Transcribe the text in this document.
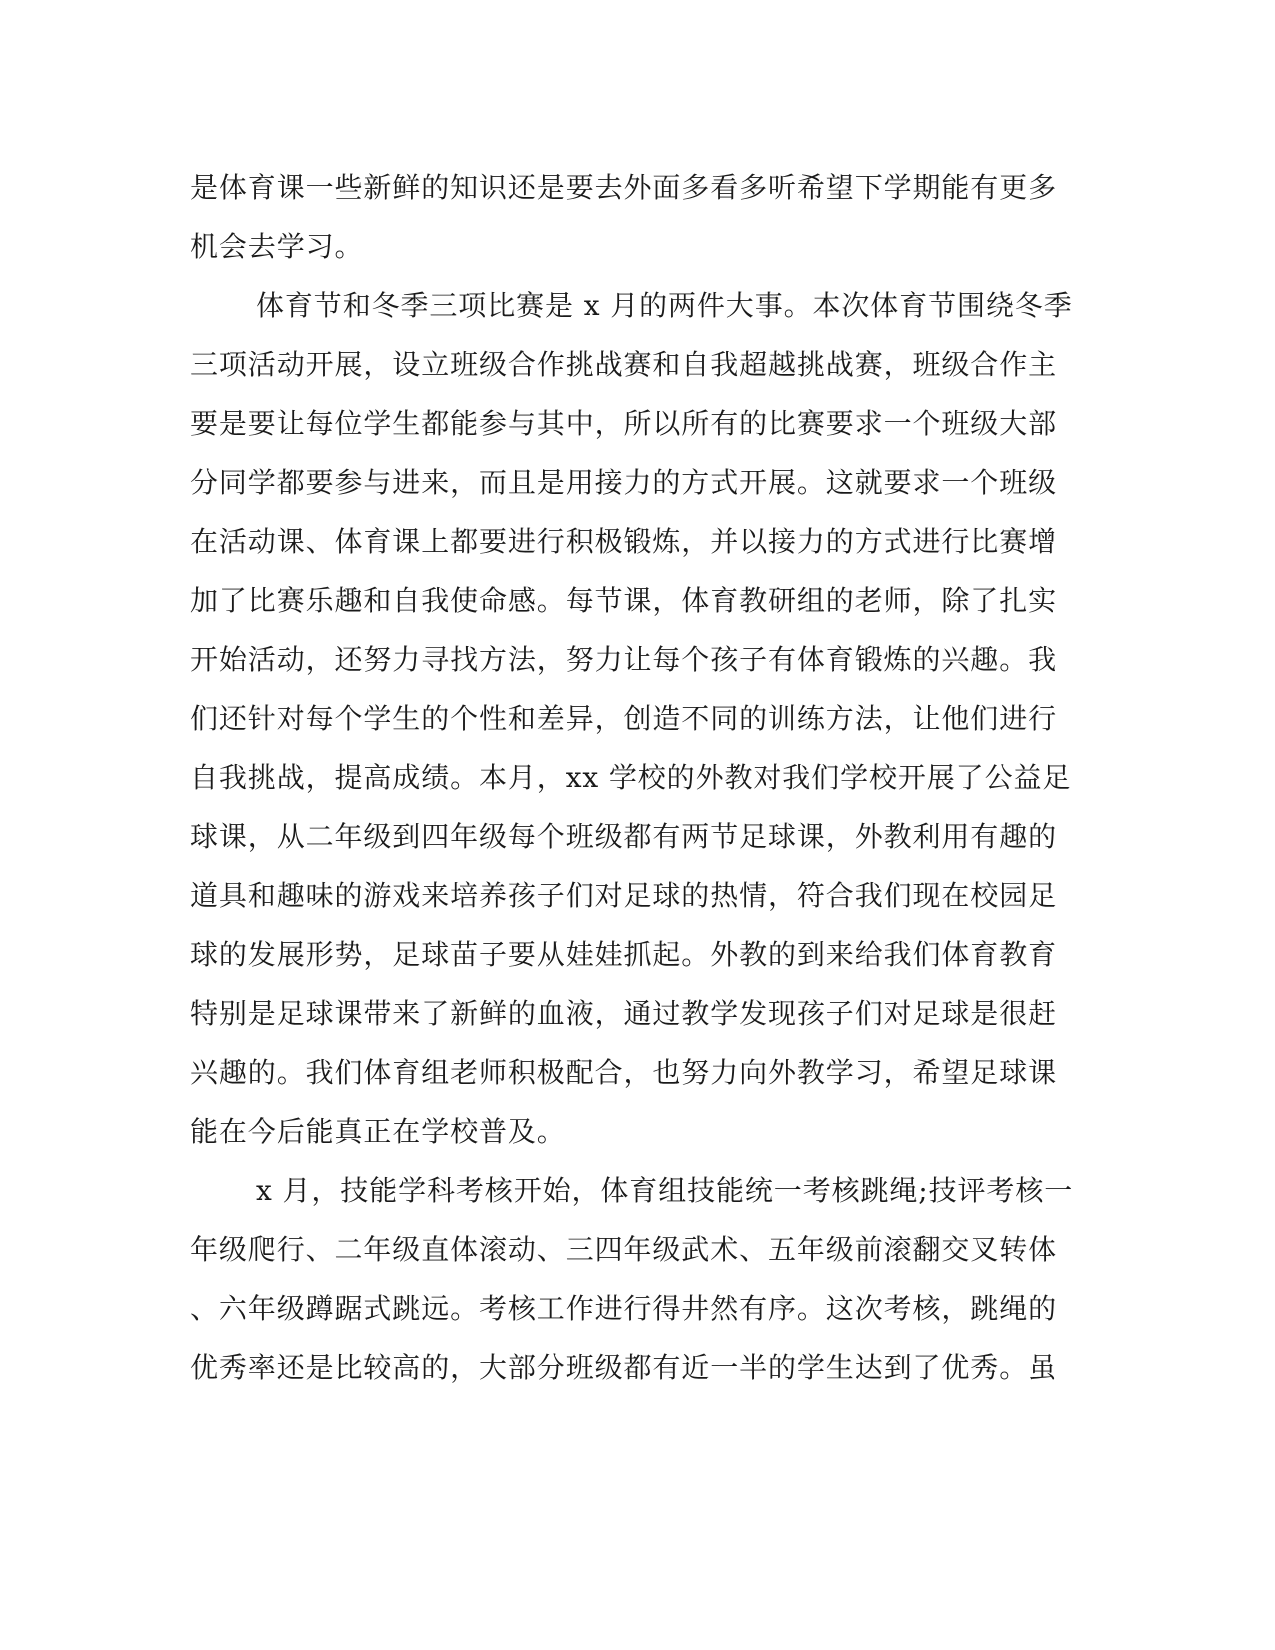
是体育课一些新鲜的知识还是要去外面多看多听希望下学期能有更多
机会去学习。
体育节和冬季三项比赛是 x 月的两件大事。本次体育节围绕冬季
三项活动开展，设立班级合作挑战赛和自我超越挑战赛，班级合作主
要是要让每位学生都能参与其中，所以所有的比赛要求一个班级大部
分同学都要参与进来，而且是用接力的方式开展。这就要求一个班级
在活动课、体育课上都要进行积极锻炼，并以接力的方式进行比赛增
加了比赛乐趣和自我使命感。每节课，体育教研组的老师，除了扎实
开始活动，还努力寻找方法，努力让每个孩子有体育锻炼的兴趣。我
们还针对每个学生的个性和差异，创造不同的训练方法，让他们进行
自我挑战，提高成绩。本月，xx 学校的外教对我们学校开展了公益足
球课，从二年级到四年级每个班级都有两节足球课，外教利用有趣的
道具和趣味的游戏来培养孩子们对足球的热情，符合我们现在校园足
球的发展形势，足球苗子要从娃娃抓起。外教的到来给我们体育教育
特别是足球课带来了新鲜的血液，通过教学发现孩子们对足球是很赶
兴趣的。我们体育组老师积极配合，也努力向外教学习，希望足球课
能在今后能真正在学校普及。
x 月，技能学科考核开始，体育组技能统一考核跳绳;技评考核一
年级爬行、二年级直体滚动、三四年级武术、五年级前滚翻交叉转体
、六年级蹲踞式跳远。考核工作进行得井然有序。这次考核，跳绳的
优秀率还是比较高的，大部分班级都有近一半的学生达到了优秀。虽
